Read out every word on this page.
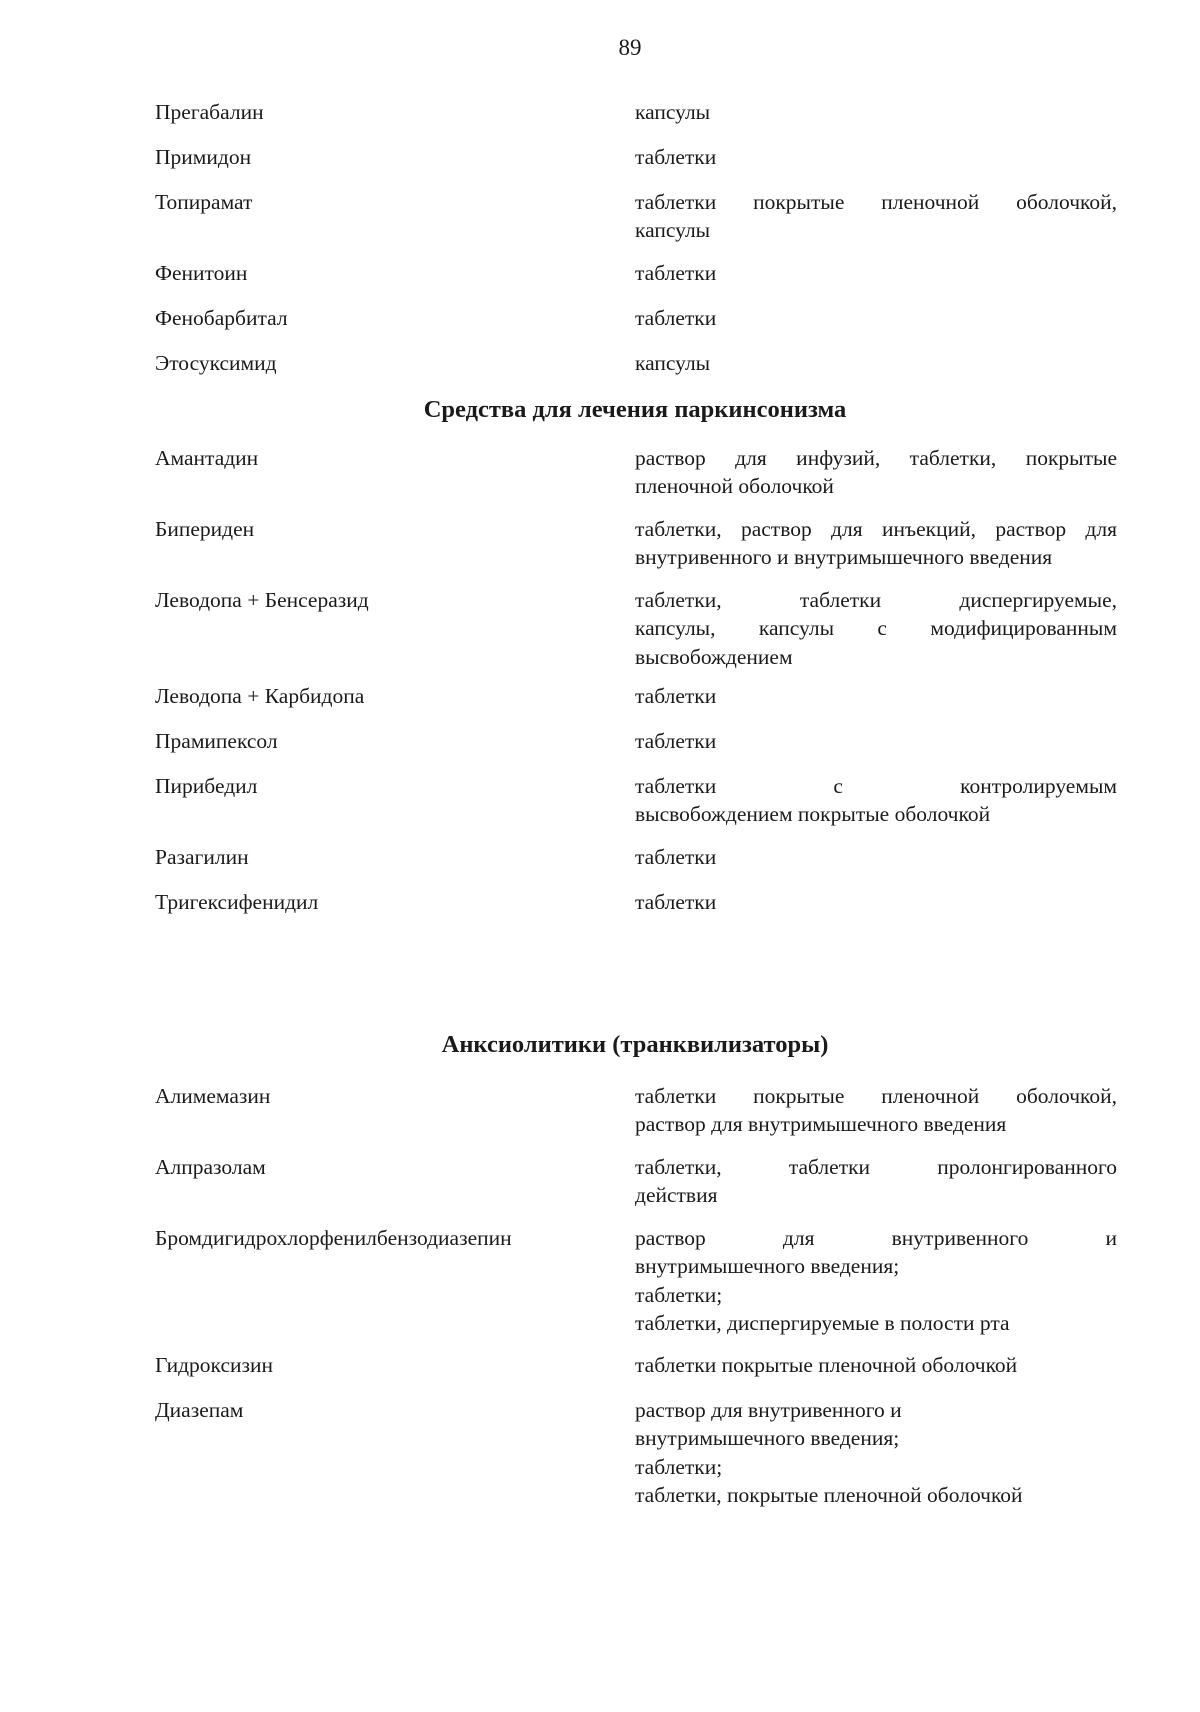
89
Прегабалин	капсулы
Примидон	таблетки
Топирамат	таблетки покрытые пленочной оболочкой,
капсулы
Фенитоин	таблетки
Фенобарбитал	таблетки
Этосуксимид	капсулы
Средства для лечения паркинсонизма
Амантадин	раствор для инфузий, таблетки, покрытые
пленочной оболочкой
Бипериден	таблетки, раствор для инъекций, раствор для
внутривенного и внутримышечного введения
Леводопа + Бенсеразид	таблетки, таблетки диспергируемые,
капсулы, капсулы с модифицированным
высвобождением
Леводопа + Карбидопа	таблетки
Прамипексол	таблетки
Пирибедил	таблетки с контролируемым
высвобождением покрытые оболочкой
Разагилин	таблетки
Тригексифенидил	таблетки
Анксиолитики (транквилизаторы)
Алимемазин	таблетки покрытые пленочной оболочкой,
раствор для внутримышечного введения
Алпразолам	таблетки, таблетки пролонгированного
действия
Бромдигидрохлорфенилбензодиазепин	раствор для внутривенного и
внутримышечного введения;
таблетки;
таблетки, диспергируемые в полости рта
Гидроксизин	таблетки покрытые пленочной оболочкой
Диазепам	раствор для внутривенного и
внутримышечного введения;
таблетки;
таблетки, покрытые пленочной оболочкой
